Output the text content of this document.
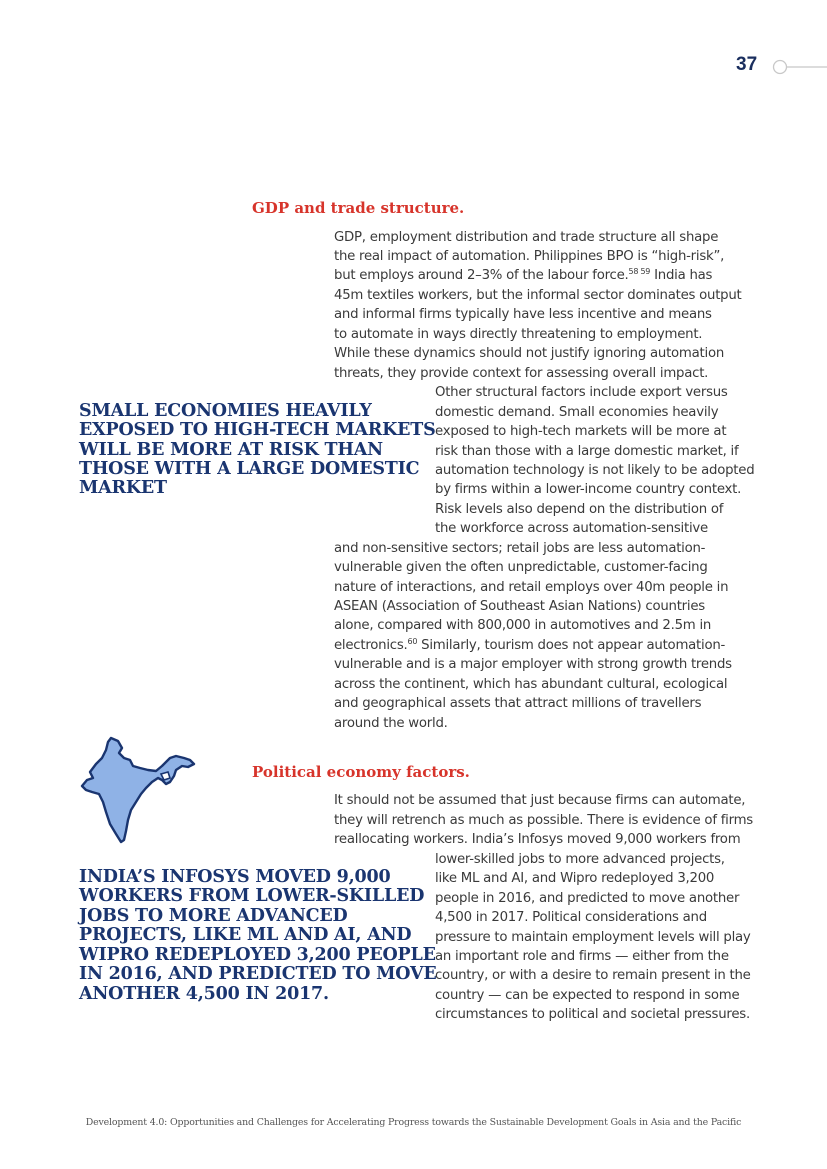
37
GDP and trade structure.
GDP, employment distribution and trade structure all shape
the real impact of automation. Philippines BPO is “high-risk”,
but employs around 2–3% of the labour force.$^{58 59}$ India has
45m textiles workers, but the informal sector dominates output
and informal firms typically have less incentive and means
to automate in ways directly threatening to employment.
While these dynamics should not justify ignoring automation
threats, they provide context for assessing overall impact.
Other structural factors include export versus
domestic demand. Small economies heavily
exposed to high-tech markets will be more at
risk than those with a large domestic market, if
automation technology is not likely to be adopted
by firms within a lower-income country context.
Risk levels also depend on the distribution of
the workforce across automation-sensitive
and non-sensitive sectors; retail jobs are less automation-
vulnerable given the often unpredictable, customer-facing
nature of interactions, and retail employs over 40m people in
ASEAN (Association of Southeast Asian Nations) countries
alone, compared with 800,000 in automotives and 2.5m in
electronics.$^{60}$ Similarly, tourism does not appear automation-
vulnerable and is a major employer with strong growth trends
across the continent, which has abundant cultural, ecological
and geographical assets that attract millions of travellers
around the world.
SMALL ECONOMIES HEAVILY
EXPOSED TO HIGH-TECH MARKETS
WILL BE MORE AT RISK THAN
THOSE WITH A LARGE DOMESTIC
MARKET
Political economy factors.
It should not be assumed that just because firms can automate,
they will retrench as much as possible. There is evidence of firms
reallocating workers. India’s Infosys moved 9,000 workers from
lower-skilled jobs to more advanced projects,
like ML and AI, and Wipro redeployed 3,200
people in 2016, and predicted to move another
4,500 in 2017. Political considerations and
pressure to maintain employment levels will play
an important role and firms — either from the
country, or with a desire to remain present in the
country — can be expected to respond in some
circumstances to political and societal pressures.
INDIA’S INFOSYS MOVED 9,000
WORKERS FROM LOWER-SKILLED
JOBS TO MORE ADVANCED
PROJECTS, LIKE ML AND AI, AND
WIPRO REDEPLOYED 3,200 PEOPLE
IN 2016, AND PREDICTED TO MOVE
ANOTHER 4,500 IN 2017.
Development 4.0: Opportunities and Challenges for Accelerating Progress towards the Sustainable Development Goals in Asia and the Pacific
